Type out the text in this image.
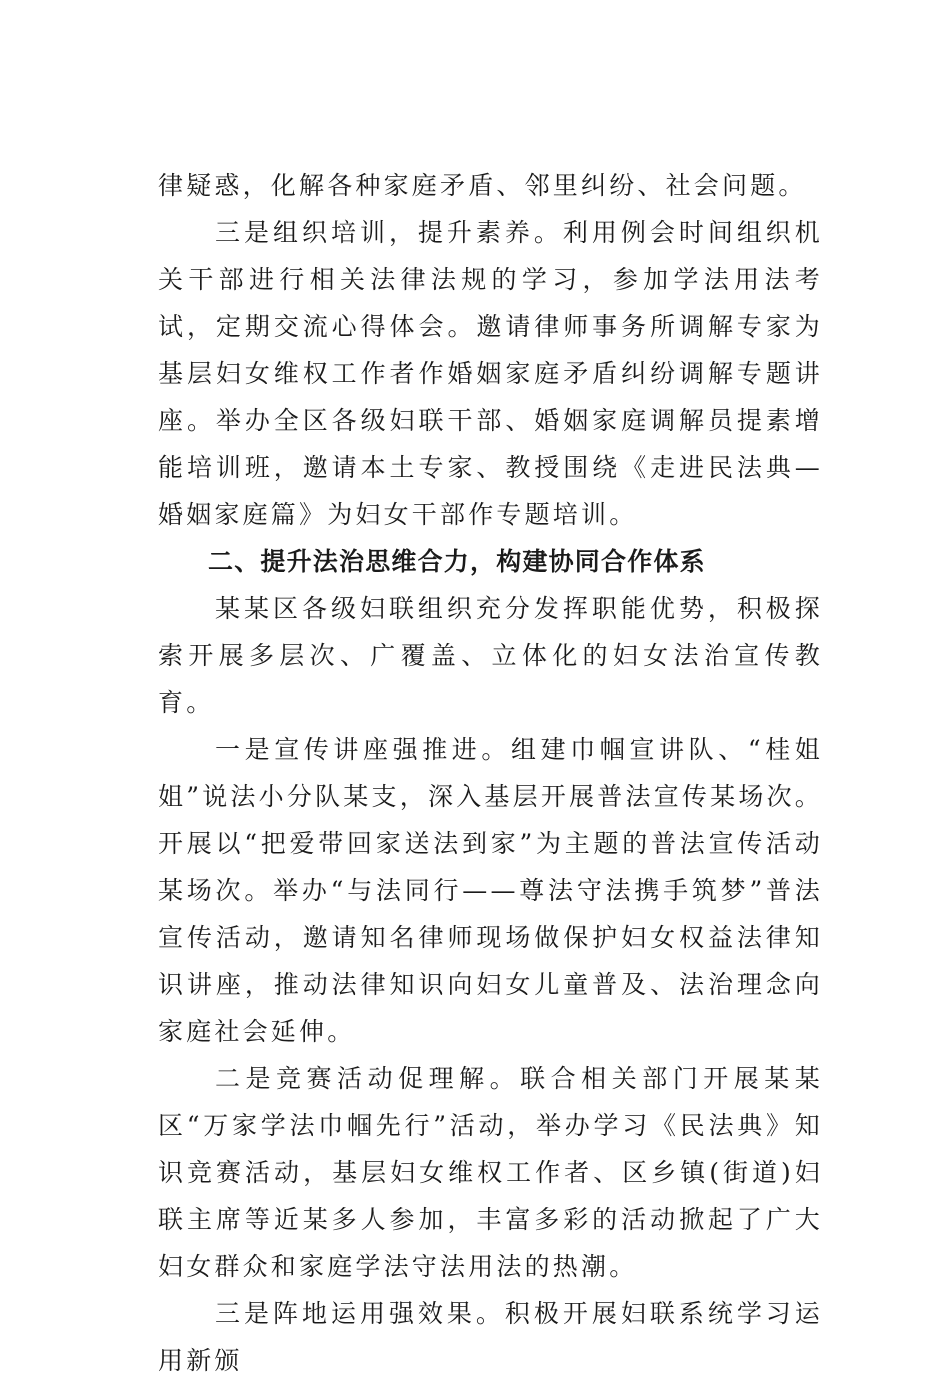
律疑惑，化解各种家庭矛盾、邻里纠纷、社会问题。

三是组织培训，提升素养。利用例会时间组织机关干部进行相关法律法规的学习，参加学法用法考试，定期交流心得体会。邀请律师事务所调解专家为基层妇女维权工作者作婚姻家庭矛盾纠纷调解专题讲座。举办全区各级妇联干部、婚姻家庭调解员提素增能培训班，邀请本土专家、教授围绕《走进民法典—婚姻家庭篇》为妇女干部作专题培训。

二、提升法治思维合力，构建协同合作体系

某某区各级妇联组织充分发挥职能优势，积极探索开展多层次、广覆盖、立体化的妇女法治宣传教育。

一是宣传讲座强推进。组建巾帼宣讲队、“桂姐姐”说法小分队某支，深入基层开展普法宣传某场次。开展以“把爱带回家送法到家”为主题的普法宣传活动某场次。举办“与法同行——尊法守法携手筑梦”普法宣传活动，邀请知名律师现场做保护妇女权益法律知识讲座，推动法律知识向妇女儿童普及、法治理念向家庭社会延伸。

二是竞赛活动促理解。联合相关部门开展某某区“万家学法巾帼先行”活动，举办学习《民法典》知识竞赛活动，基层妇女维权工作者、区乡镇(街道)妇联主席等近某多人参加，丰富多彩的活动掀起了广大妇女群众和家庭学法守法用法的热潮。

三是阵地运用强效果。积极开展妇联系统学习运用新颁
